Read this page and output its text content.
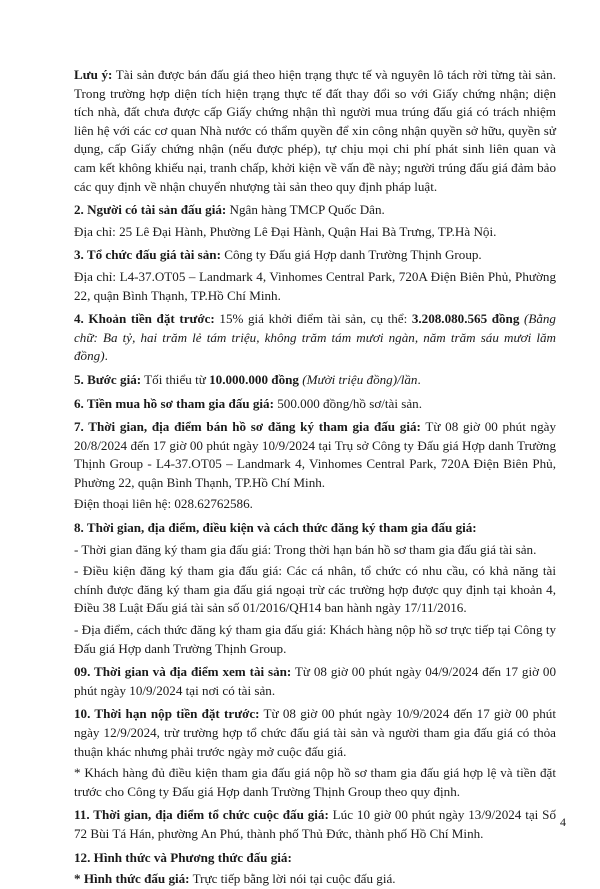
Lưu ý: Tài sản được bán đấu giá theo hiện trạng thực tế và nguyên lô tách rời từng tài sản. Trong trường hợp diện tích hiện trạng thực tế đất thay đổi so với Giấy chứng nhận; diện tích nhà, đất chưa được cấp Giấy chứng nhận thì người mua trúng đấu giá có trách nhiệm liên hệ với các cơ quan Nhà nước có thẩm quyền để xin công nhận quyền sở hữu, quyền sử dụng, cấp Giấy chứng nhận (nếu được phép), tự chịu mọi chi phí phát sinh liên quan và cam kết không khiếu nại, tranh chấp, khởi kiện về vấn đề này; người trúng đấu giá đảm bảo các quy định về nhận chuyển nhượng tài sản theo quy định pháp luật.

2. Người có tài sản đấu giá: Ngân hàng TMCP Quốc Dân.

Địa chỉ: 25 Lê Đại Hành, Phường Lê Đại Hành, Quận Hai Bà Trưng, TP.Hà Nội.

3. Tổ chức đấu giá tài sản: Công ty Đấu giá Hợp danh Trường Thịnh Group.

Địa chỉ: L4-37.OT05 – Landmark 4, Vinhomes Central Park, 720A Điện Biên Phủ, Phường 22, quận Bình Thạnh, TP.Hồ Chí Minh.

4. Khoản tiền đặt trước: 15% giá khởi điểm tài sản, cụ thể: 3.208.080.565 đồng (Bằng chữ: Ba tỷ, hai trăm lẻ tám triệu, không trăm tám mươi ngàn, năm trăm sáu mươi lăm đồng).

5. Bước giá: Tối thiểu từ 10.000.000 đồng (Mười triệu đồng)/lần.

6. Tiền mua hồ sơ tham gia đấu giá: 500.000 đồng/hồ sơ/tài sản.

7. Thời gian, địa điểm bán hồ sơ đăng ký tham gia đấu giá: Từ 08 giờ 00 phút ngày 20/8/2024 đến 17 giờ 00 phút ngày 10/9/2024 tại Trụ sở Công ty Đấu giá Hợp danh Trường Thịnh Group - L4-37.OT05 – Landmark 4, Vinhomes Central Park, 720A Điện Biên Phủ, Phường 22, quận Bình Thạnh, TP.Hồ Chí Minh.

Điện thoại liên hệ: 028.62762586.

8. Thời gian, địa điểm, điều kiện và cách thức đăng ký tham gia đấu giá:

- Thời gian đăng ký tham gia đấu giá: Trong thời hạn bán hồ sơ tham gia đấu giá tài sản.

- Điều kiện đăng ký tham gia đấu giá: Các cá nhân, tổ chức có nhu cầu, có khả năng tài chính được đăng ký tham gia đấu giá ngoại trừ các trường hợp được quy định tại khoản 4, Điều 38 Luật Đấu giá tài sản số 01/2016/QH14 ban hành ngày 17/11/2016.

- Địa điểm, cách thức đăng ký tham gia đấu giá: Khách hàng nộp hồ sơ trực tiếp tại Công ty Đấu giá Hợp danh Trường Thịnh Group.

09. Thời gian và địa điểm xem tài sản: Từ 08 giờ 00 phút ngày 04/9/2024 đến 17 giờ 00 phút ngày 10/9/2024 tại nơi có tài sản.

10. Thời hạn nộp tiền đặt trước: Từ 08 giờ 00 phút ngày 10/9/2024 đến 17 giờ 00 phút ngày 12/9/2024, trừ trường hợp tổ chức đấu giá tài sản và người tham gia đấu giá có thỏa thuận khác nhưng phải trước ngày mở cuộc đấu giá.

* Khách hàng đủ điều kiện tham gia đấu giá nộp hồ sơ tham gia đấu giá hợp lệ và tiền đặt trước cho Công ty Đấu giá Hợp danh Trường Thịnh Group theo quy định.

11. Thời gian, địa điểm tổ chức cuộc đấu giá: Lúc 10 giờ 00 phút ngày 13/9/2024 tại Số 72 Bùi Tá Hán, phường An Phú, thành phố Thủ Đức, thành phố Hồ Chí Minh.

12. Hình thức và Phương thức đấu giá:

* Hình thức đấu giá: Trực tiếp bằng lời nói tại cuộc đấu giá.

4
